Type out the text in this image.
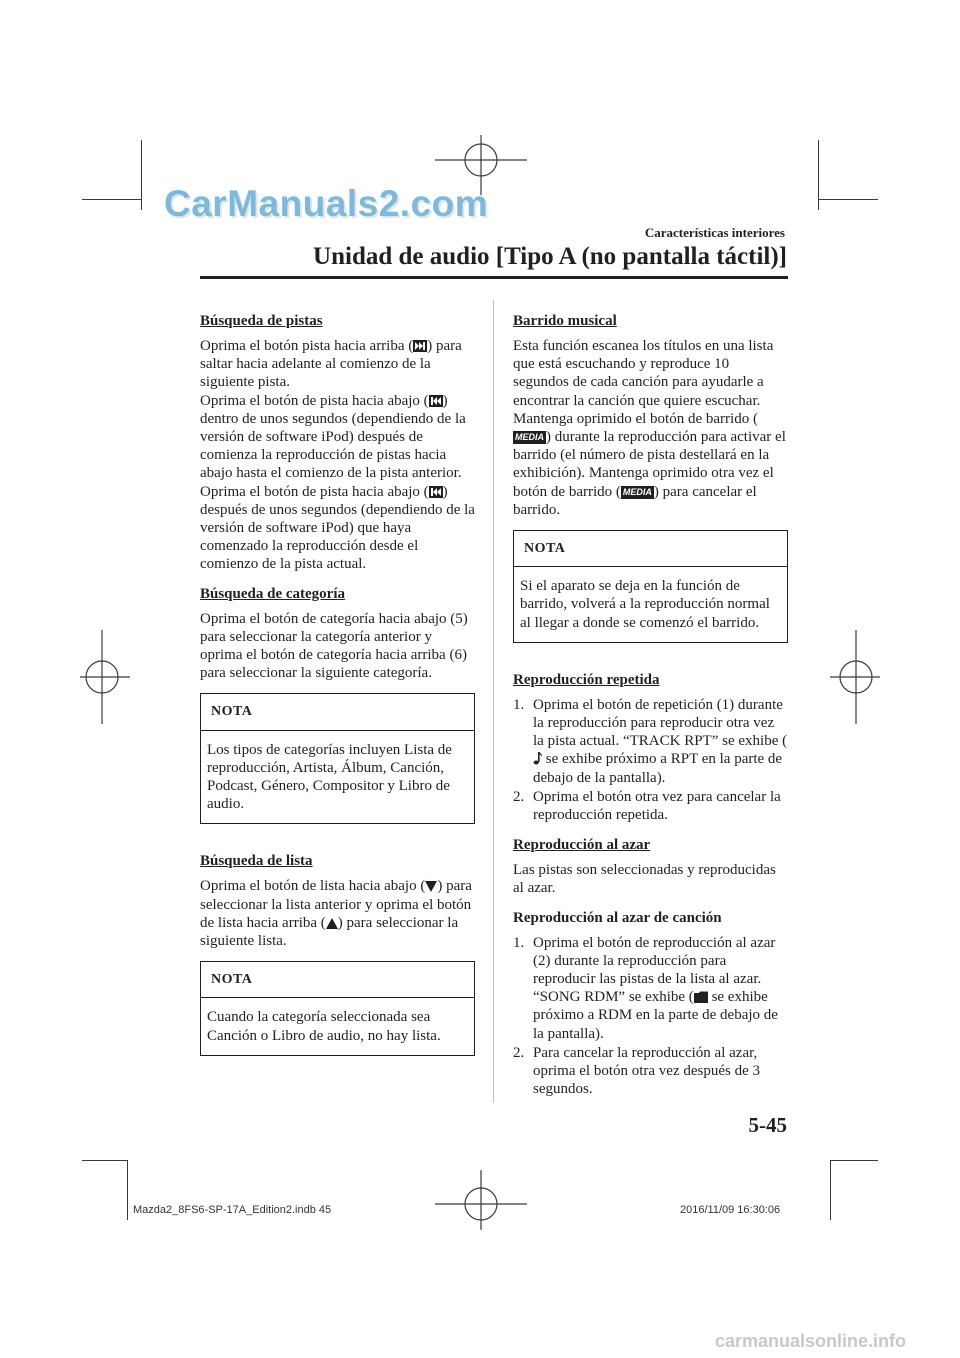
CarManuals2.com
Características interiores
Unidad de audio [Tipo A (no pantalla táctil)]
Búsqueda de pistas

Oprima el botón pista hacia arriba ( ) para saltar hacia adelante al comienzo de la siguiente pista.
Oprima el botón de pista hacia abajo ( ) dentro de unos segundos (dependiendo de la versión de software iPod) después de comienza la reproducción de pistas hacia abajo hasta el comienzo de la pista anterior.
Oprima el botón de pista hacia abajo ( ) después de unos segundos (dependiendo de la versión de software iPod) que haya comenzado la reproducción desde el comienzo de la pista actual.

Búsqueda de categoría

Oprima el botón de categoría hacia abajo (5) para seleccionar la categoría anterior y oprima el botón de categoría hacia arriba (6) para seleccionar la siguiente categoría.

NOTA
Los tipos de categorías incluyen Lista de reproducción, Artista, Álbum, Canción, Podcast, Género, Compositor y Libro de audio.
Búsqueda de lista

Oprima el botón de lista hacia abajo ( ) para seleccionar la lista anterior y oprima el botón de lista hacia arriba ( ) para seleccionar la siguiente lista.

NOTA
Cuando la categoría seleccionada sea Canción o Libro de audio, no hay lista.
Barrido musical

Esta función escanea los títulos en una lista que está escuchando y reproduce 10 segundos de cada canción para ayudarle a encontrar la canción que quiere escuchar. Mantenga oprimido el botón de barrido (MEDIA ) durante la reproducción para activar el barrido (el número de pista destellará en la exhibición). Mantenga oprimido otra vez el botón de barrido ( MEDIA ) para cancelar el barrido.

NOTA
Si el aparato se deja en la función de barrido, volverá a la reproducción normal al llegar a donde se comenzó el barrido.
Reproducción repetida
1. Oprima el botón de repetición (1) durante la reproducción para reproducir otra vez la pista actual. “TRACK RPT” se exhibe ( se exhibe próximo a RPT en la parte de debajo de la pantalla).
2. Oprima el botón otra vez para cancelar la reproducción repetida.
Reproducción al azar

Las pistas son seleccionadas y reproducidas al azar.

Reproducción al azar de canción
1. Oprima el botón de reproducción al azar (2) durante la reproducción para reproducir las pistas de la lista al azar. “SONG RDM” se exhibe ( se exhibe próximo a RDM en la parte de debajo de la pantalla).
2. Para cancelar la reproducción al azar, oprima el botón otra vez después de 3 segundos.
5-45
Mazda2_8FS6-SP-17A_Edition2.indb 45	2016/11/09 16:30:06
carmanualsonline.info
